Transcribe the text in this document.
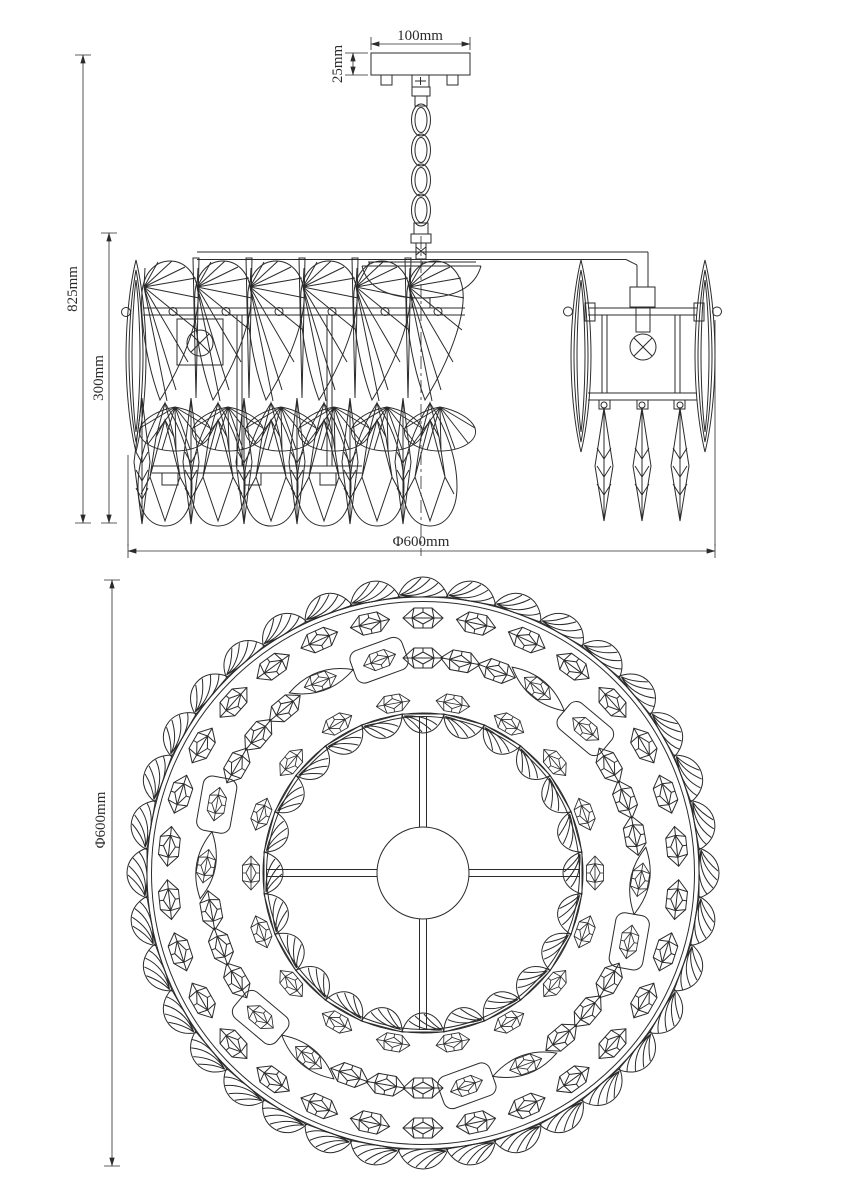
100mm
25mm
825mm
300mm
Φ600mm
Φ600mm
